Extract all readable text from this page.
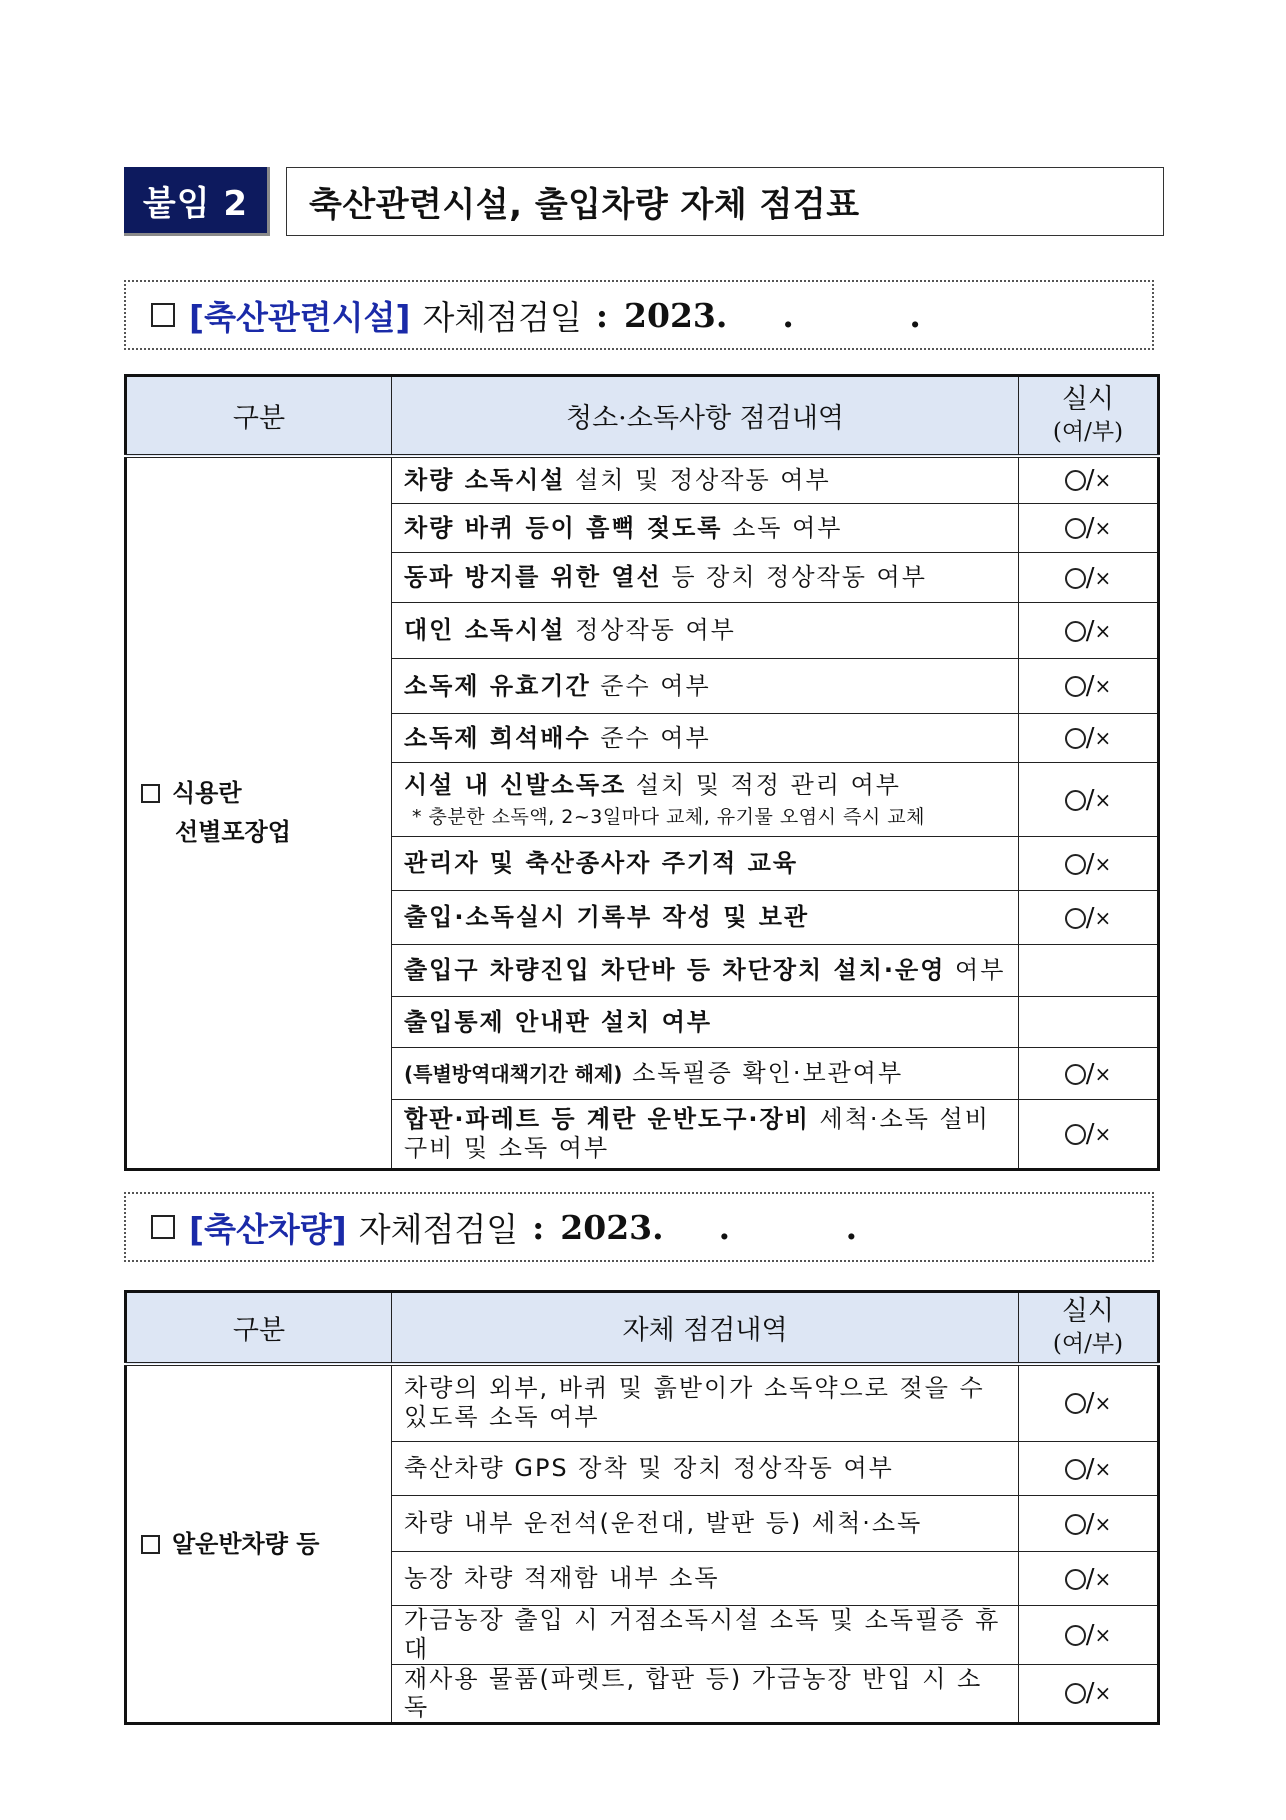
붙임 2	축산관련시설, 출입차량 자체 점검표
[축산관련시설] 자체점검일 : 2023. . .
구분	청소·소독사항 점검내역	실시
(여/부)
식용란
선별포장업	차량 소독시설 설치 및 정상작동 여부	/×
	차량 바퀴 등이 흠뻑 젖도록 소독 여부	/×
	동파 방지를 위한 열선 등 장치 정상작동 여부	/×
	대인 소독시설 정상작동 여부	/×
	소독제 유효기간 준수 여부	/×
	소독제 희석배수 준수 여부	/×
	시설 내 신발소독조 설치 및 적정 관리 여부
* 충분한 소독액, 2~3일마다 교체, 유기물 오염시 즉시 교체	/×
	관리자 및 축산종사자 주기적 교육	/×
	출입·소독실시 기록부 작성 및 보관	/×
	출입구 차량진입 차단바 등 차단장치 설치·운영 여부	
	출입통제 안내판 설치 여부	
	(특별방역대책기간 해제) 소독필증 확인·보관여부	/×
	합판·파레트 등 계란 운반도구·장비 세척·소독 설비 구비 및 소독 여부	/×
[축산차량] 자체점검일 : 2023. . .
구분	자체 점검내역	실시
(여/부)
알운반차량 등	차량의 외부, 바퀴 및 흙받이가 소독약으로 젖을 수 있도록 소독 여부	/×
	축산차량 GPS 장착 및 장치 정상작동 여부	/×
	차량 내부 운전석(운전대, 발판 등) 세척·소독	/×
	농장 차량 적재함 내부 소독	/×
	가금농장 출입 시 거점소독시설 소독 및 소독필증 휴대	/×
	재사용 물품(파렛트, 합판 등) 가금농장 반입 시 소독	/×
